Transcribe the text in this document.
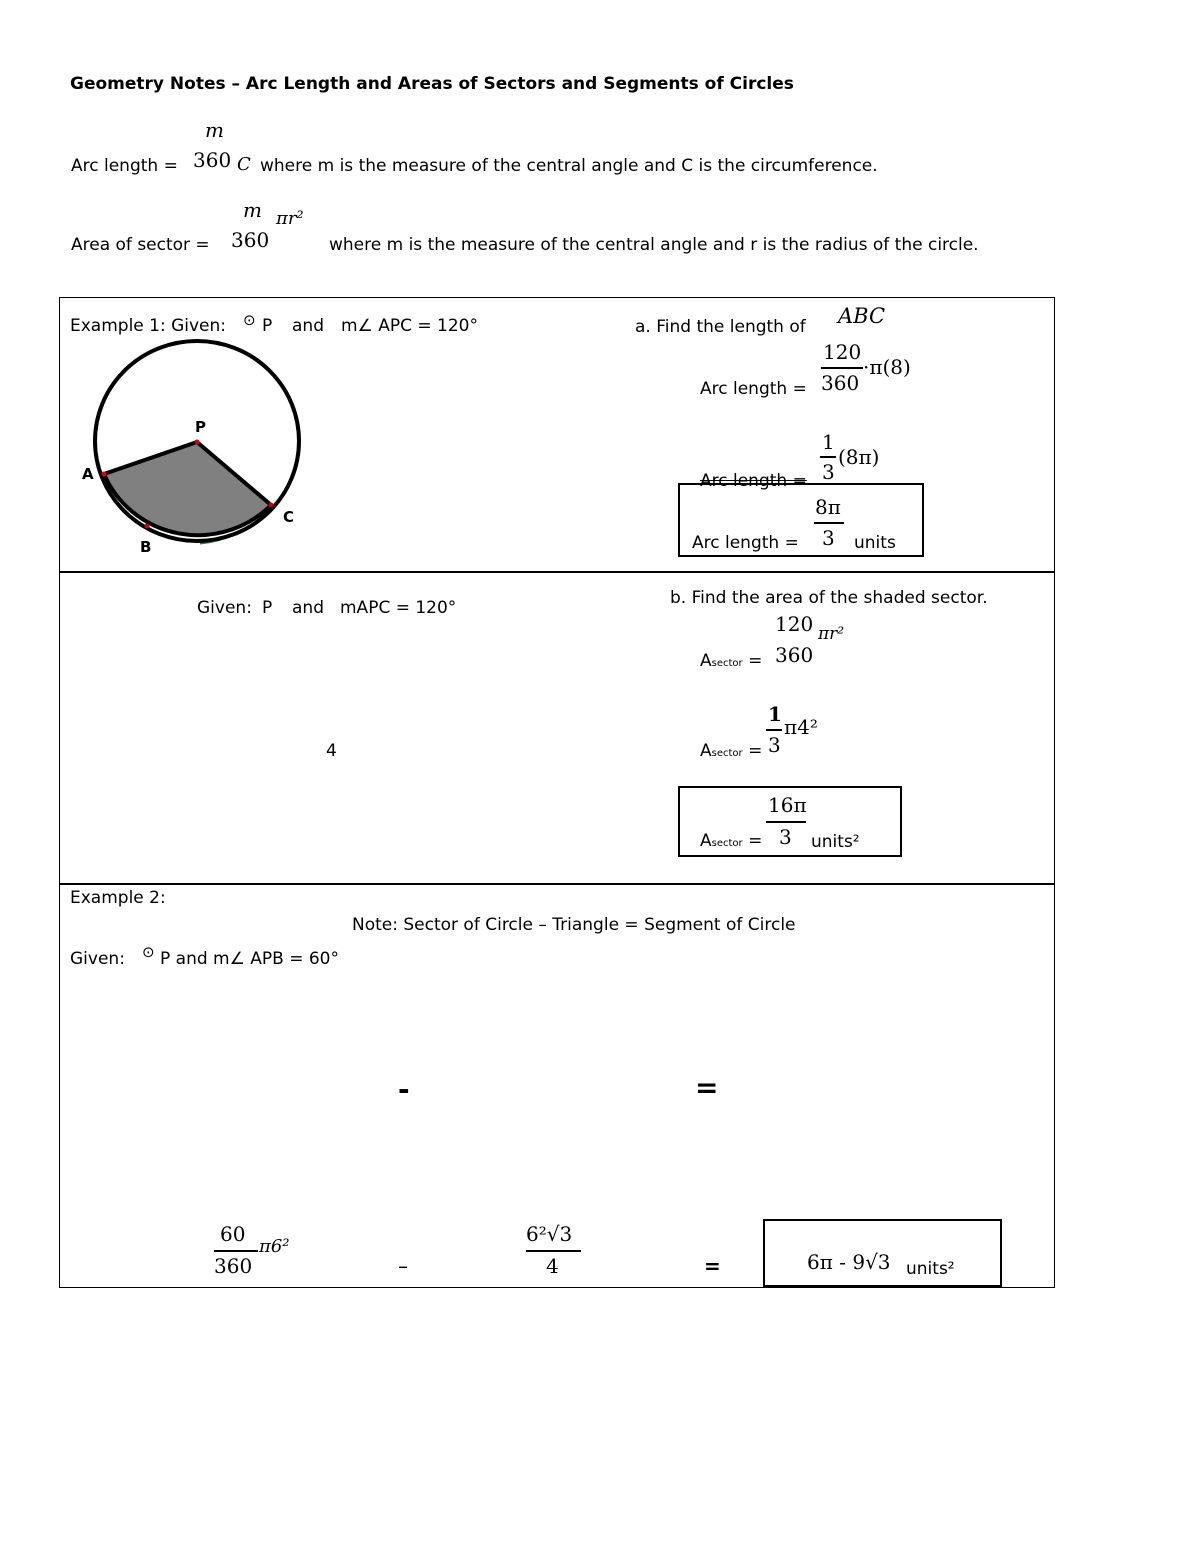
Geometry Notes – Arc Length and Areas of Sectors and Segments of Circles
Arc length =
m
360 C where m is the measure of the central angle and C is the circumference.
Area of sector =
m
360
πr²
where m is the measure of the central angle and r is the radius of the circle.
Example 1: Given: ⊙ P and m∠ APC = 120°
P
A
B
C
a. Find the length of ABC
Arc length =
120
360
·π(8)
Arc length =
1
3
(8π)
Arc length =
8π
3 units
Given: P and mAPC = 120°
4
b. Find the area of the shaded sector.
Asector =
120
360
πr²
Asector =
1
3
π4²
Asector =
16π
3 units²
Example 2:
Note: Sector of Circle – Triangle = Segment of Circle
Given: ⊙ P and m∠ APB = 60°
-	=
60
360
π6²
–
6²√3
4	=	6π - 9√3 units²
